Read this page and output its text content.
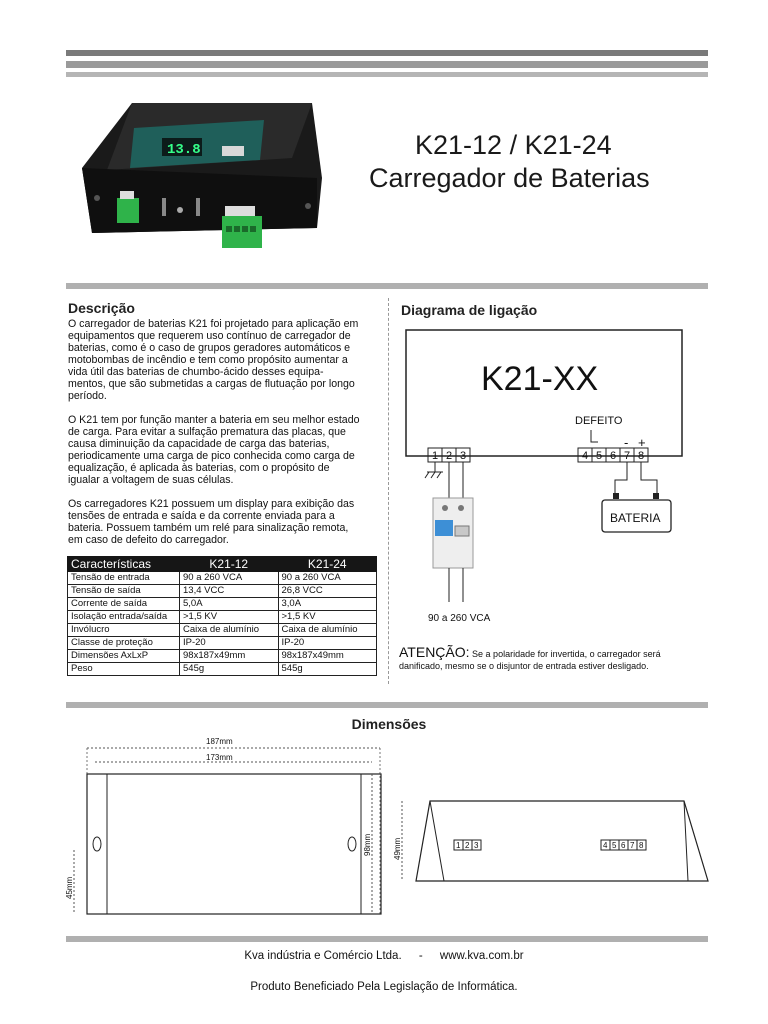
13.8	K21-12 / K21-24
Carregador de Baterias
Descrição
O carregador de baterias K21 foi projetado para aplicação em
equipamentos que requerem uso contínuo de carregador de
baterias, como é o caso de grupos geradores automáticos e
motobombas de incêndio e tem como propósito aumentar a
vida útil das baterias de chumbo-ácido desses equipa-
mentos, que são submetidas a cargas de flutuação por longo
período.
O K21 tem por função manter a bateria em seu melhor estado
de carga. Para evitar a sulfação prematura das placas, que
causa diminuição da capacidade de carga das baterias,
periodicamente uma carga de pico conhecida como carga de
equalização, é aplicada às baterias, com o propósito de
igualar a voltagem de suas células.
Os carregadores K21 possuem um display para exibição das
tensões de entrada e saída e da corrente enviada para a
bateria. Possuem também um relé para sinalização remota,
em caso de defeito do carregador.
Características	K21-12	K21-24
Tensão de entrada	90 a 260 VCA	90 a 260 VCA
Tensão de saída	13,4 VCC	26,8 VCC
Corrente de saída	5,0A	3,0A
Isolação entrada/saída	>1,5 KV	>1,5 KV
Invólucro	Caixa de alumínio	Caixa de alumínio
Classe de proteção	IP-20	IP-20
Dimensões AxLxP	98x187x49mm	98x187x49mm
Peso	545g	545g
Diagrama de ligação
K21-XX
DEFEITO
- +
1 2 3	4 5 6 7 8
BATERIA
90 a 260 VCA
ATENÇÃO: Se a polaridade for invertida, o carregador será
danificado, mesmo se o disjuntor de entrada estiver desligado.
Dimensões
187mm
173mm
45mm
98mm	49mm	1 2 3	4 5 6 7 8
Kva indústria e Comércio Ltda. - www.kva.com.br
Produto Beneficiado Pela Legislação de Informática.
